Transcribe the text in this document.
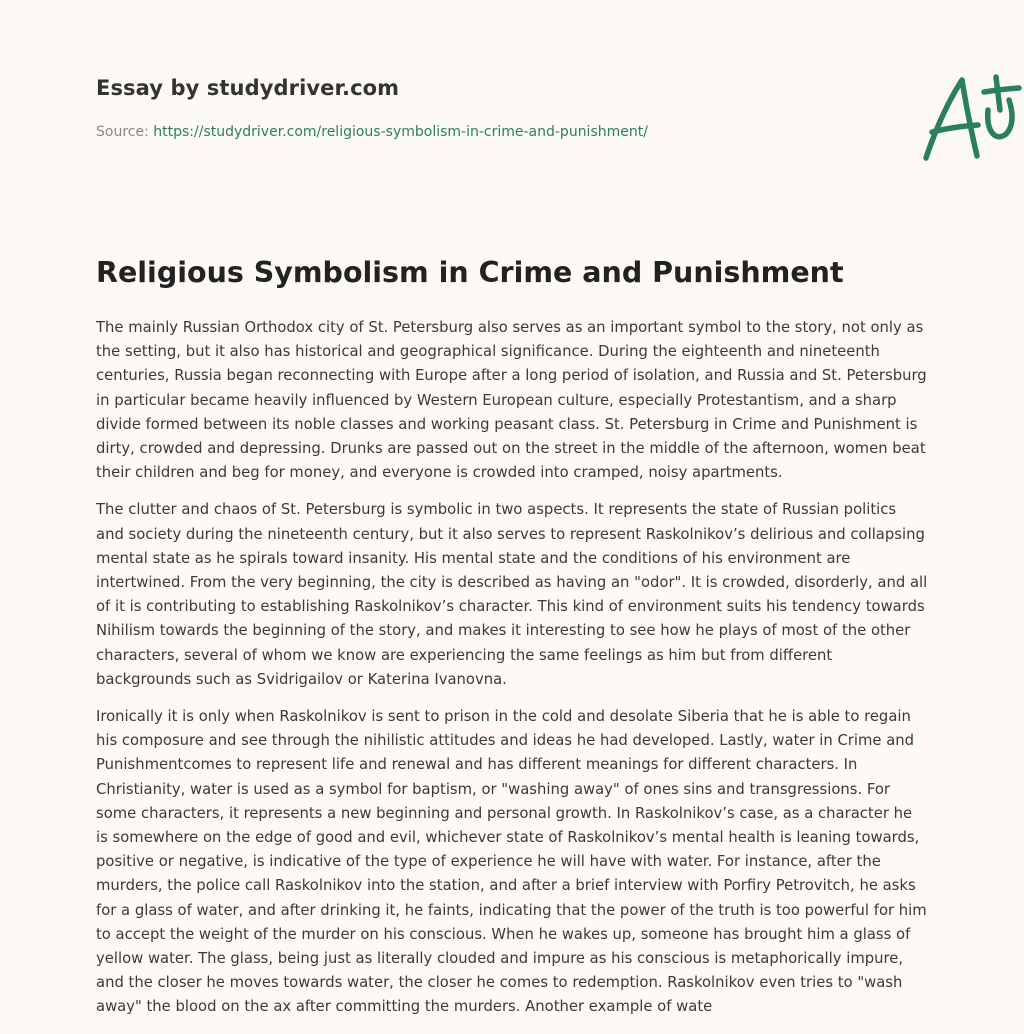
Essay by studydriver.com
Source: https://studydriver.com/religious-symbolism-in-crime-and-punishment/
Religious Symbolism in Crime and Punishment

The mainly Russian Orthodox city of St. Petersburg also serves as an important symbol to the story, not only as the setting, but it also has historical and geographical significance. During the eighteenth and nineteenth centuries, Russia began reconnecting with Europe after a long period of isolation, and Russia and St. Petersburg in particular became heavily influenced by Western European culture, especially Protestantism, and a sharp divide formed between its noble classes and working peasant class. St. Petersburg in Crime and Punishment is dirty, crowded and depressing. Drunks are passed out on the street in the middle of the afternoon, women beat their children and beg for money, and everyone is crowded into cramped, noisy apartments.

The clutter and chaos of St. Petersburg is symbolic in two aspects. It represents the state of Russian politics and society during the nineteenth century, but it also serves to represent Raskolnikov’s delirious and collapsing mental state as he spirals toward insanity. His mental state and the conditions of his environment are intertwined. From the very beginning, the city is described as having an "odor". It is crowded, disorderly, and all of it is contributing to establishing Raskolnikov’s character. This kind of environment suits his tendency towards Nihilism towards the beginning of the story, and makes it interesting to see how he plays of most of the other characters, several of whom we know are experiencing the same feelings as him but from different backgrounds such as Svidrigailov or Katerina Ivanovna.

Ironically it is only when Raskolnikov is sent to prison in the cold and desolate Siberia that he is able to regain his composure and see through the nihilistic attitudes and ideas he had developed. Lastly, water in Crime and Punishmentcomes to represent life and renewal and has different meanings for different characters. In Christianity, water is used as a symbol for baptism, or "washing away" of ones sins and transgressions. For some characters, it represents a new beginning and personal growth. In Raskolnikov’s case, as a character he is somewhere on the edge of good and evil, whichever state of Raskolnikov’s mental health is leaning towards, positive or negative, is indicative of the type of experience he will have with water. For instance, after the murders, the police call Raskolnikov into the station, and after a brief interview with Porfiry Petrovitch, he asks for a glass of water, and after drinking it, he faints, indicating that the power of the truth is too powerful for him to accept the weight of the murder on his conscious. When he wakes up, someone has brought him a glass of yellow water. The glass, being just as literally clouded and impure as his conscious is metaphorically impure, and the closer he moves towards water, the closer he comes to redemption. Raskolnikov even tries to "wash away" the blood on the ax after committing the murders. Another example of wate
